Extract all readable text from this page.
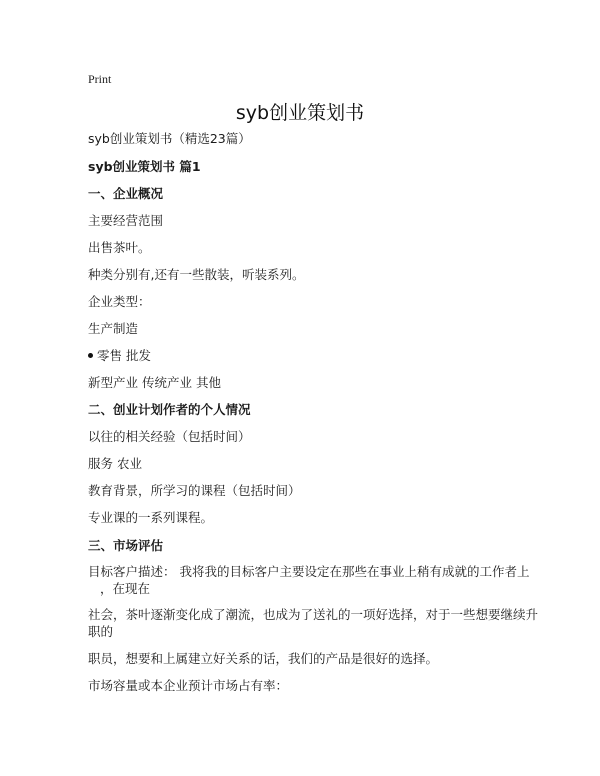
Print
syb创业策划书
syb创业策划书（精选23篇）
syb创业策划书 篇1
一、企业概况
主要经营范围
出售茶叶。
种类分别有,还有一些散装，听装系列。
企业类型：
生产制造
零售 批发
新型产业 传统产业 其他
二、创业计划作者的个人情况
以往的相关经验（包括时间）
服务 农业
教育背景，所学习的课程（包括时间）
专业课的一系列课程。
三、市场评估
目标客户描述： 我将我的目标客户主要设定在那些在事业上稍有成就的工作者上
，在现在
社会，茶叶逐渐变化成了潮流，也成为了送礼的一项好选择，对于一些想要继续升
职的
职员，想要和上属建立好关系的话，我们的产品是很好的选择。
市场容量或本企业预计市场占有率：
